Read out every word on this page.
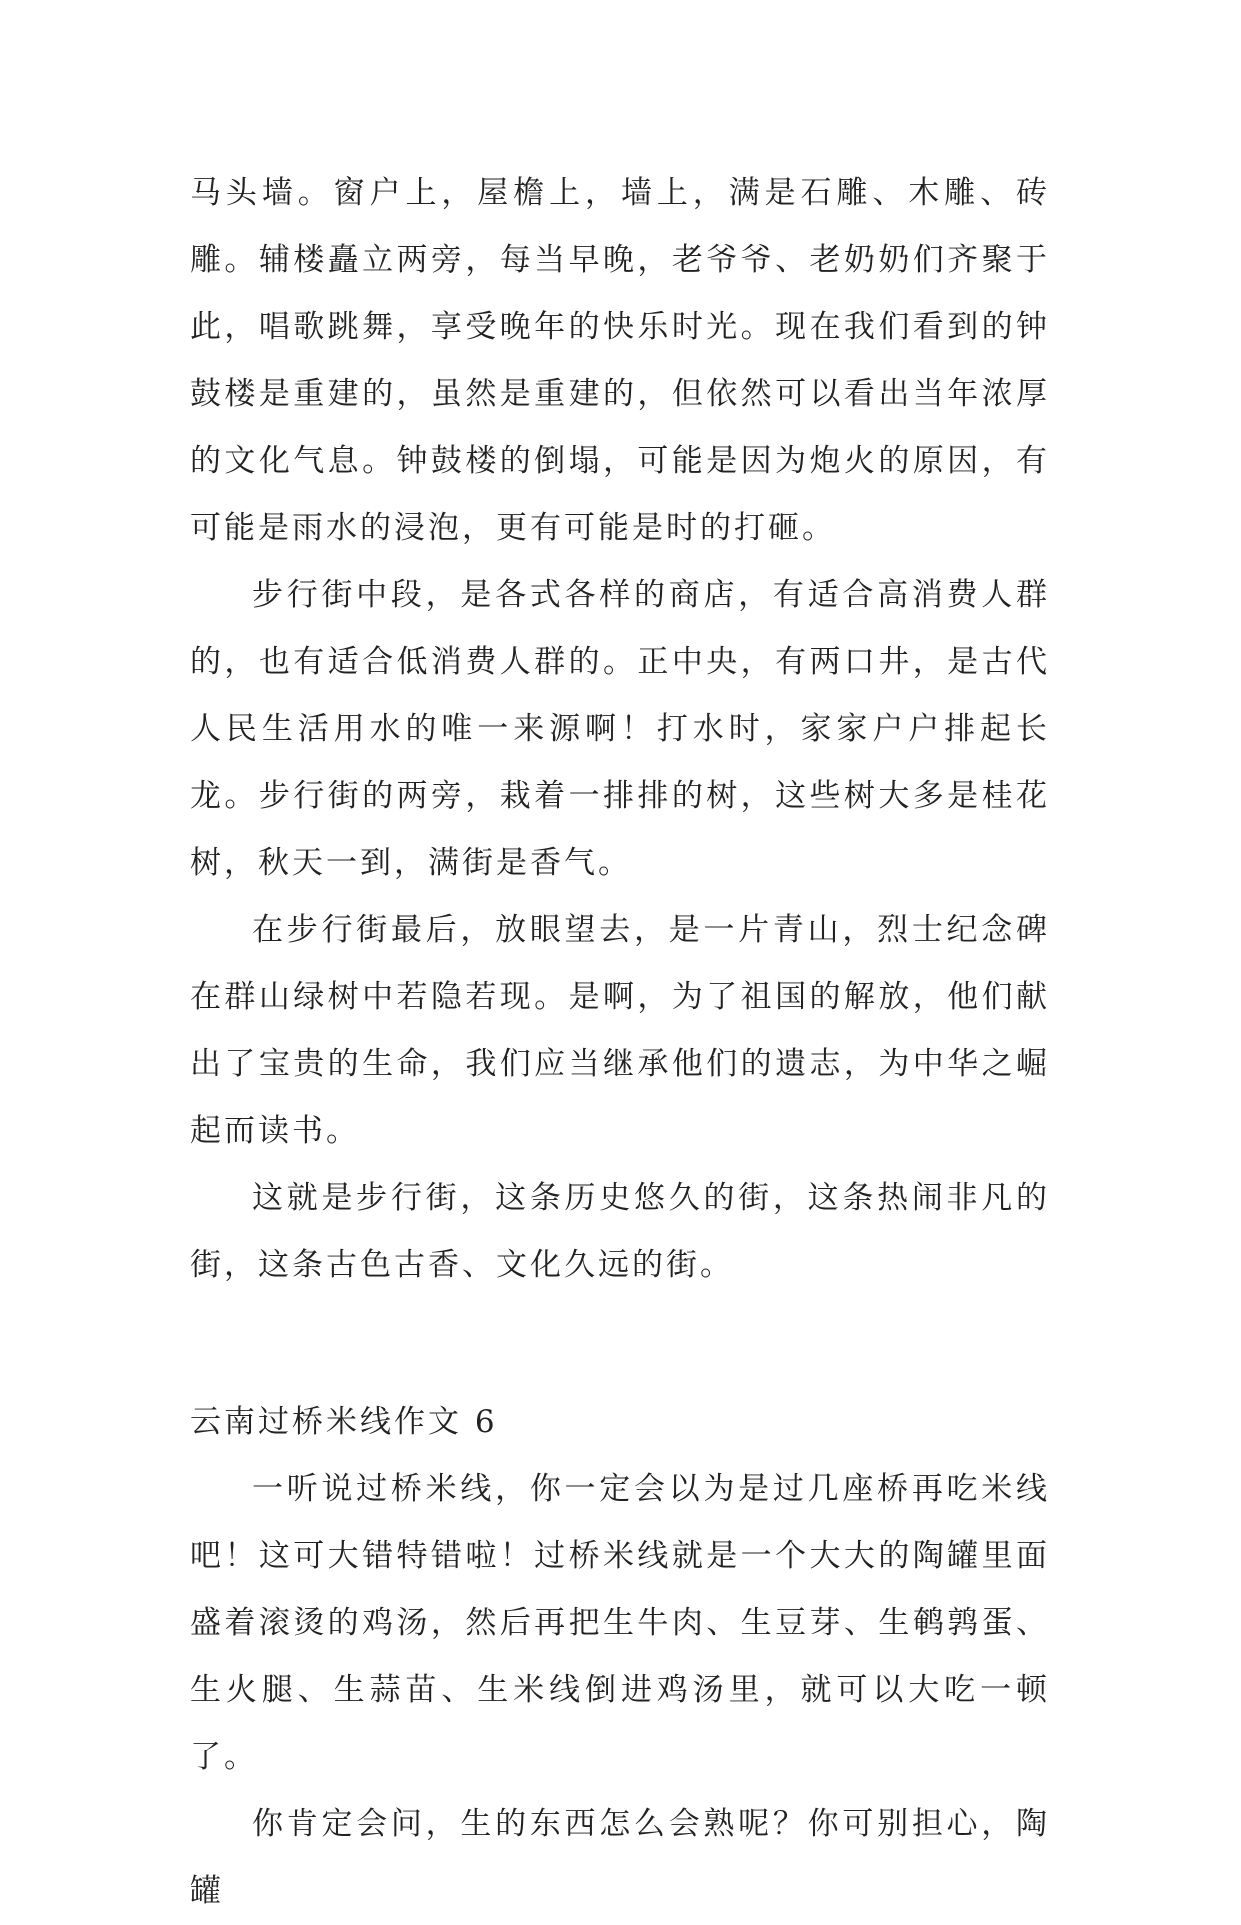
马头墙。窗户上，屋檐上，墙上，满是石雕、木雕、砖雕。辅楼矗立两旁，每当早晚，老爷爷、老奶奶们齐聚于此，唱歌跳舞，享受晚年的快乐时光。现在我们看到的钟鼓楼是重建的，虽然是重建的，但依然可以看出当年浓厚的文化气息。钟鼓楼的倒塌，可能是因为炮火的原因，有可能是雨水的浸泡，更有可能是时的打砸。

步行街中段，是各式各样的商店，有适合高消费人群的，也有适合低消费人群的。正中央，有两口井，是古代人民生活用水的唯一来源啊！打水时，家家户户排起长龙。步行街的两旁，栽着一排排的树，这些树大多是桂花树，秋天一到，满街是香气。

在步行街最后，放眼望去，是一片青山，烈士纪念碑在群山绿树中若隐若现。是啊，为了祖国的解放，他们献出了宝贵的生命，我们应当继承他们的遗志，为中华之崛起而读书。

这就是步行街，这条历史悠久的街，这条热闹非凡的街，这条古色古香、文化久远的街。

云南过桥米线作文 6

一听说过桥米线，你一定会以为是过几座桥再吃米线吧！这可大错特错啦！过桥米线就是一个大大的陶罐里面盛着滚烫的鸡汤，然后再把生牛肉、生豆芽、生鹌鹑蛋、生火腿、生蒜苗、生米线倒进鸡汤里，就可以大吃一顿了。

你肯定会问，生的东西怎么会熟呢？你可别担心，陶罐
